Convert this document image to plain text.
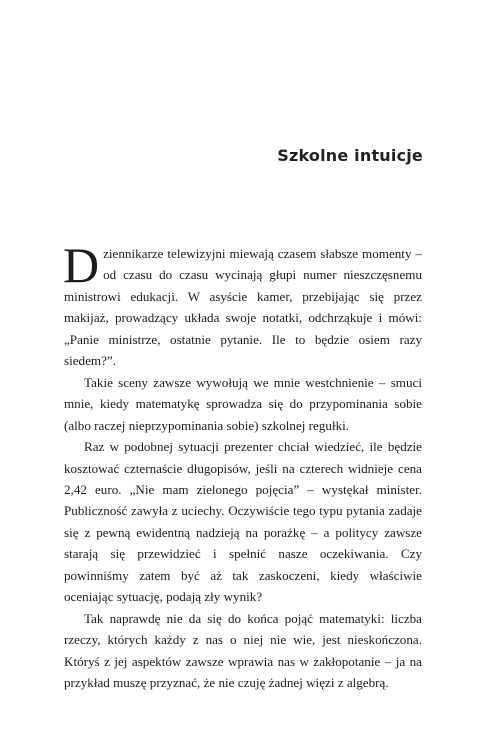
Szkolne intuicje

Dziennikarze telewizyjni miewają czasem słabsze momenty – od czasu do czasu wycinają głupi numer nieszczęsnemu ministrowi edukacji. W asyście kamer, przebijając się przez makijaż, prowadzący układa swoje notatki, odchrząkuje i mówi: „Panie ministrze, ostatnie pytanie. Ile to będzie osiem razy siedem?”.

Takie sceny zawsze wywołują we mnie westchnienie – smuci mnie, kiedy matematykę sprowadza się do przypominania sobie (albo raczej nieprzypominania sobie) szkolnej regułki.

Raz w podobnej sytuacji prezenter chciał wiedzieć, ile będzie kosztować czternaście długopisów, jeśli na czterech widnieje cena 2,42 euro. „Nie mam zielonego pojęcia” – wystękał minister. Publiczność zawyła z uciechy. Oczywiście tego typu pytania zadaje się z pewną ewidentną nadzieją na porażkę – a politycy zawsze starają się przewidzieć i spełnić nasze oczekiwania. Czy powinniśmy zatem być aż tak zaskoczeni, kiedy właściwie oceniając sytuację, podają zły wynik?

Tak naprawdę nie da się do końca pojąć matematyki: liczba rzeczy, których każdy z nas o niej nie wie, jest nieskończona. Któryś z jej aspektów zawsze wprawia nas w zakłopotanie – ja na przykład muszę przyznać, że nie czuję żadnej więzi z algebrą.
